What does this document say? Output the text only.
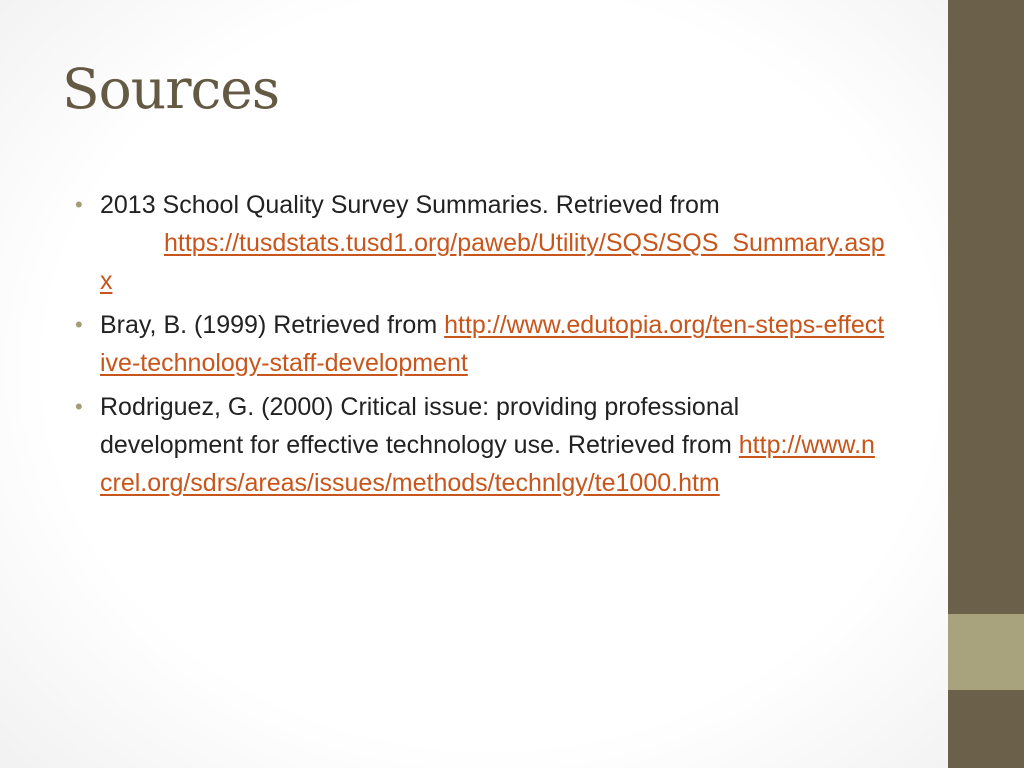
Sources
• 2013 School Quality Survey Summaries. Retrieved from
https://tusdstats.tusd1.org/paweb/Utility/SQS/SQS_Summary.aspx
• Bray, B. (1999) Retrieved from http://www.edutopia.org/ten-steps-effective-technology-staff-development
• Rodriguez, G. (2000) Critical issue: providing professional development for effective technology use. Retrieved from http://www.ncrel.org/sdrs/areas/issues/methods/technlgy/te1000.htm
